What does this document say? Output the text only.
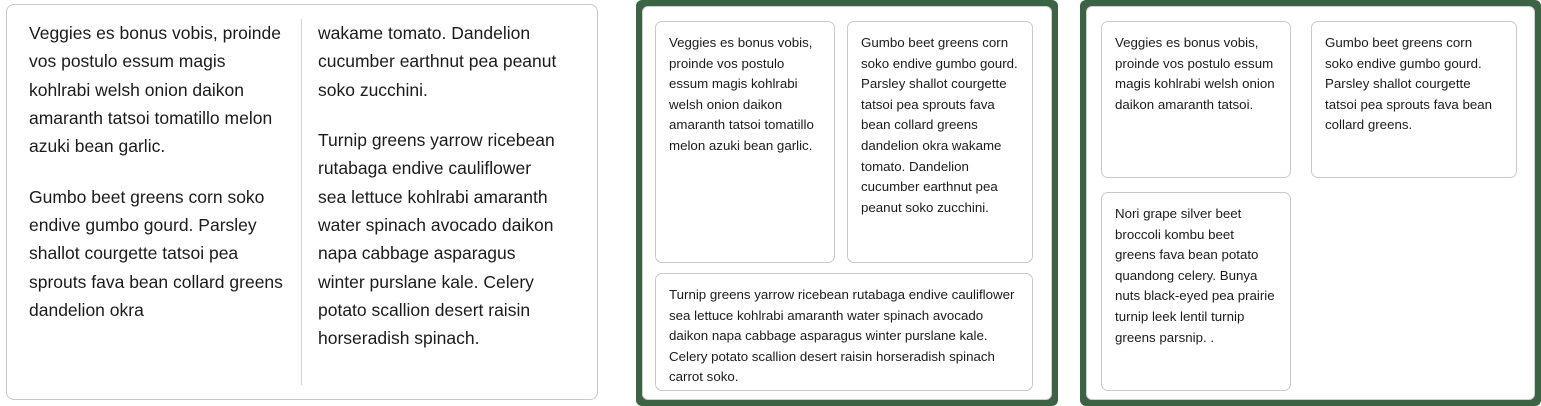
Veggies es bonus vobis, proinde vos postulo essum magis kohlrabi welsh onion daikon amaranth tatsoi tomatillo melon azuki bean garlic.

Gumbo beet greens corn soko endive gumbo gourd. Parsley shallot courgette tatsoi pea sprouts fava bean collard greens dandelion okra

wakame tomato. Dandelion cucumber earthnut pea peanut soko zucchini.

Turnip greens yarrow ricebean rutabaga endive cauliflower sea lettuce kohlrabi amaranth water spinach avocado daikon napa cabbage asparagus winter purslane kale. Celery potato scallion desert raisin horseradish spinach.

Veggies es bonus vobis, proinde vos postulo essum magis kohlrabi welsh onion daikon amaranth tatsoi tomatillo melon azuki bean garlic.

Gumbo beet greens corn soko endive gumbo gourd. Parsley shallot courgette tatsoi pea sprouts fava bean collard greens dandelion okra wakame tomato. Dandelion cucumber earthnut pea peanut soko zucchini.

Turnip greens yarrow ricebean rutabaga endive cauliflower sea lettuce kohlrabi amaranth water spinach avocado daikon napa cabbage asparagus winter purslane kale. Celery potato scallion desert raisin horseradish spinach carrot soko.

Veggies es bonus vobis, proinde vos postulo essum magis kohlrabi welsh onion daikon amaranth tatsoi.

Gumbo beet greens corn soko endive gumbo gourd. Parsley shallot courgette tatsoi pea sprouts fava bean collard greens.

Nori grape silver beet broccoli kombu beet greens fava bean potato quandong celery. Bunya nuts black-eyed pea prairie turnip leek lentil turnip greens parsnip. .
